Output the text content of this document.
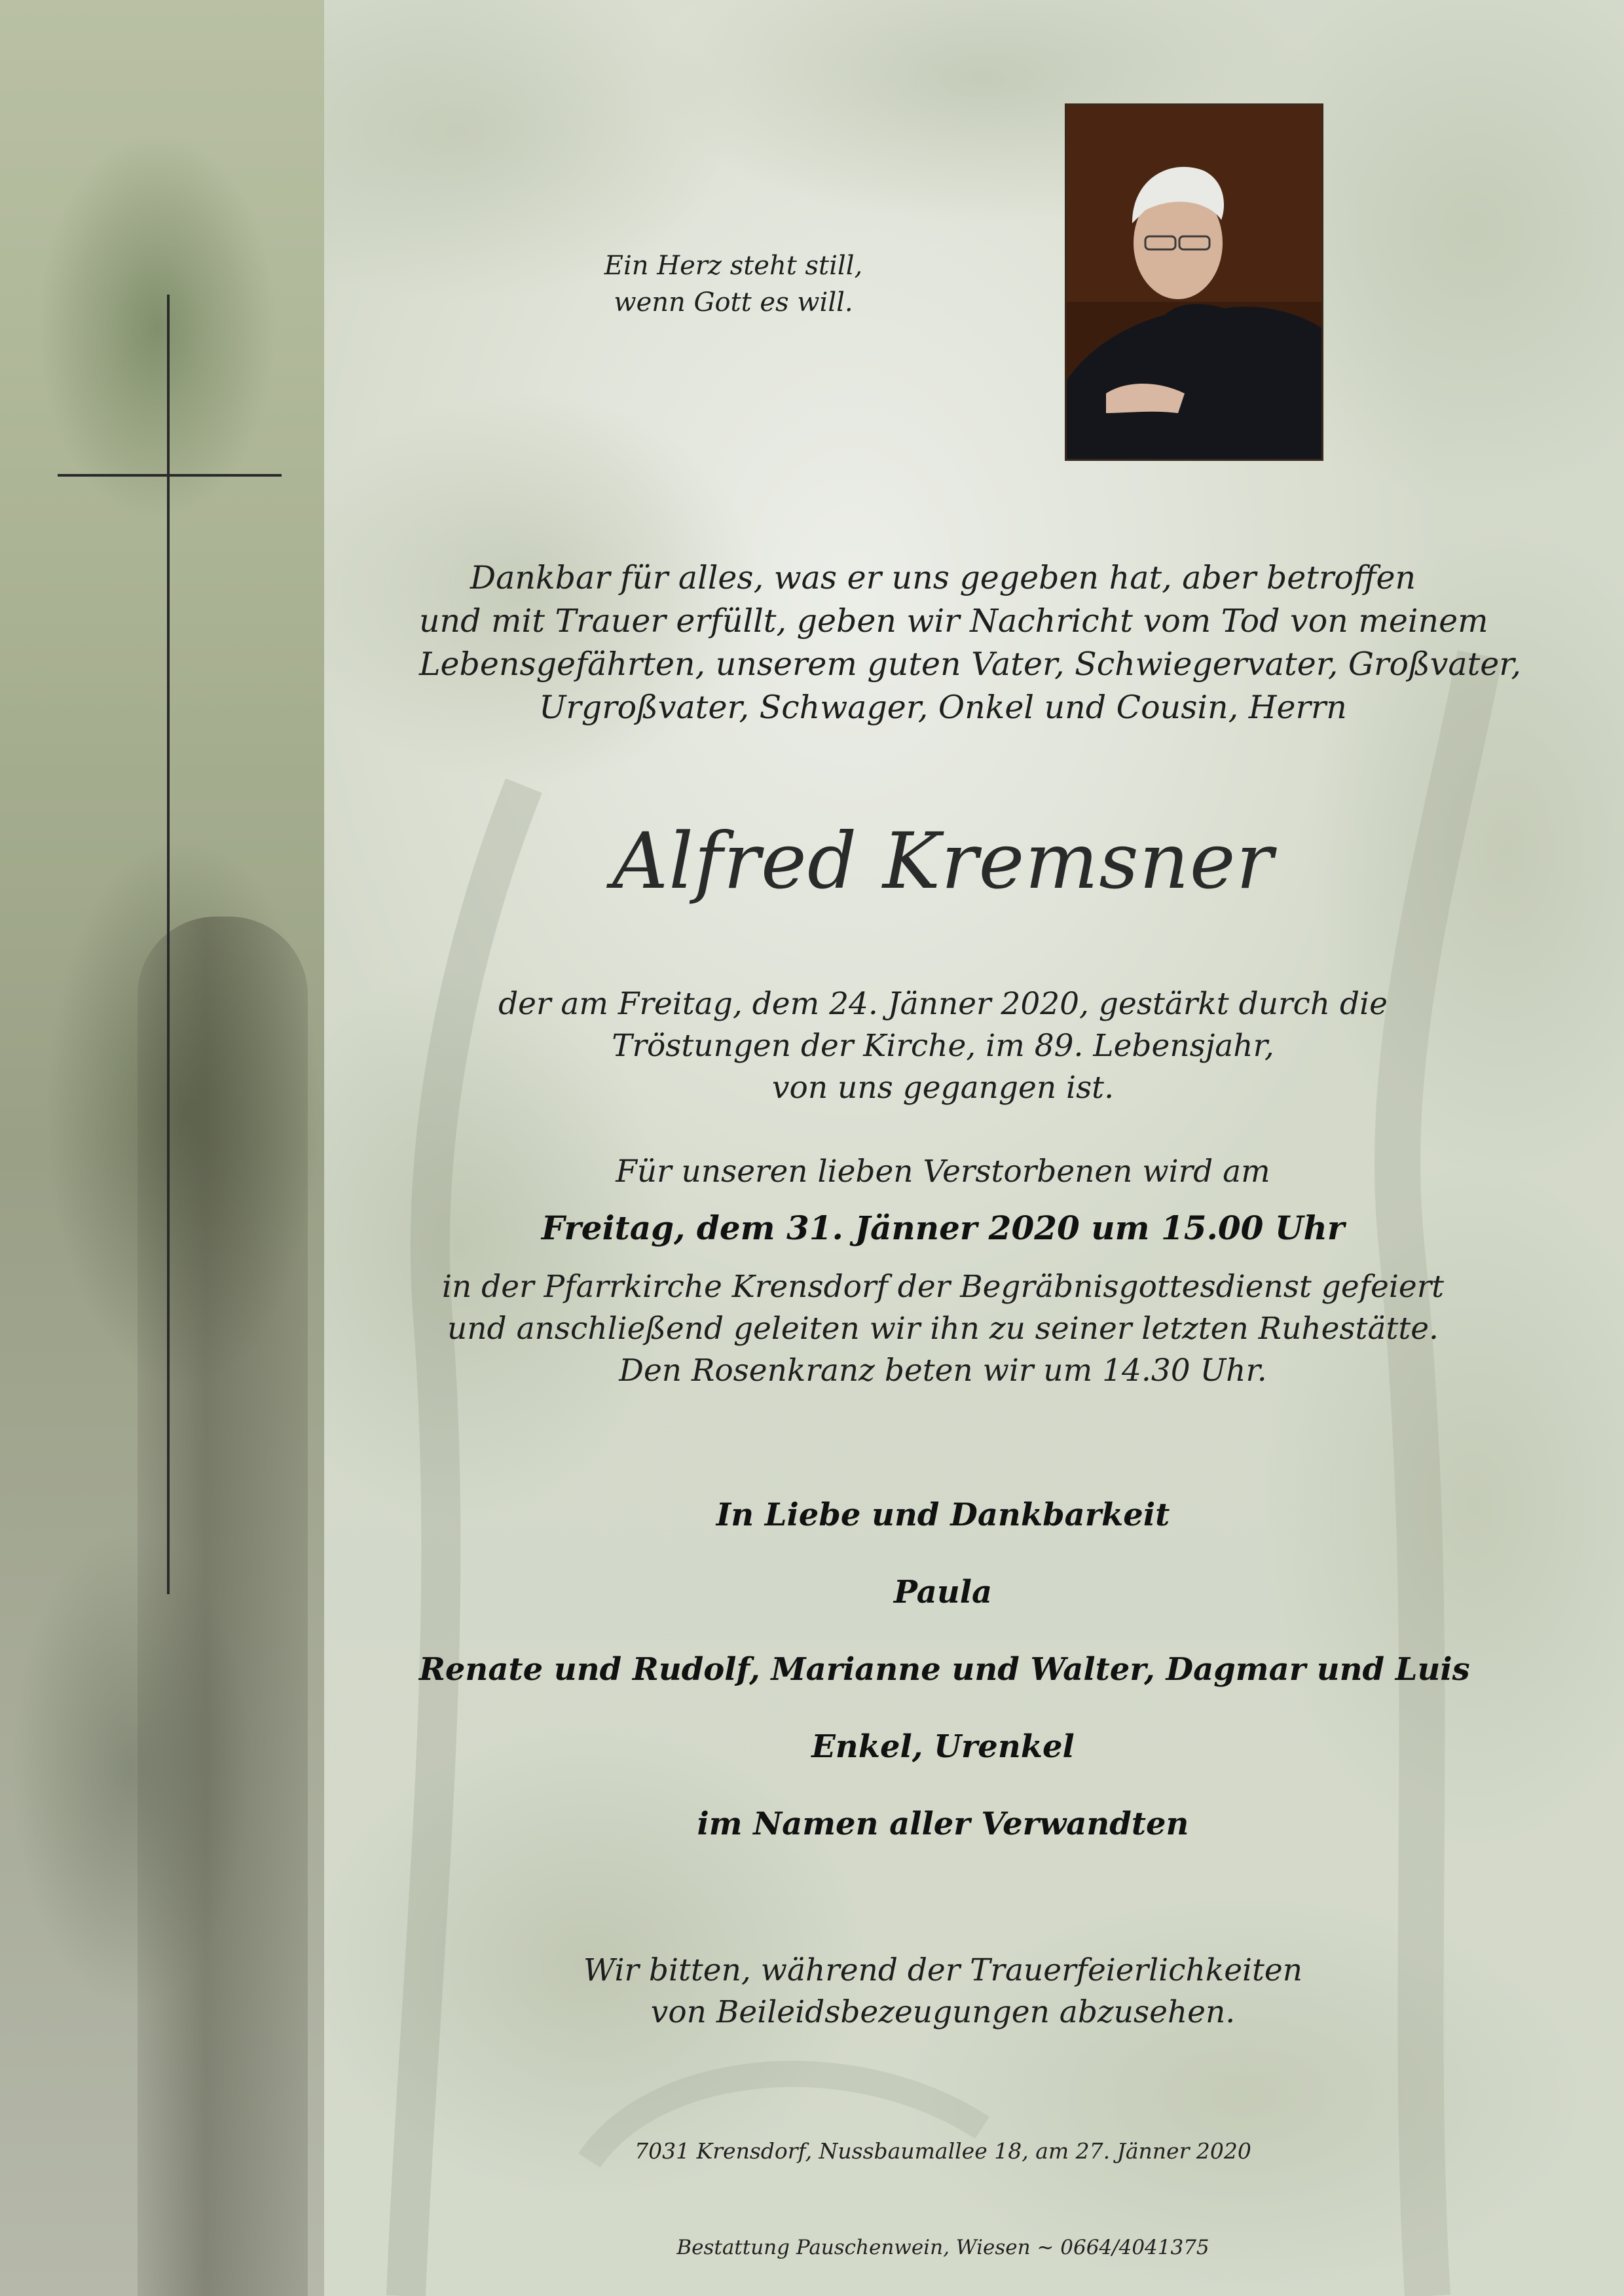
Ein Herz steht still,
wenn Gott es will.
Dankbar für alles, was er uns gegeben hat, aber betroffen
und mit Trauer erfüllt, geben wir Nachricht vom Tod von meinem
Lebensgefährten, unserem guten Vater, Schwiegervater, Großvater,
Urgroßvater, Schwager, Onkel und Cousin, Herrn
Alfred Kremsner
der am Freitag, dem 24. Jänner 2020, gestärkt durch die
Tröstungen der Kirche, im 89. Lebensjahr,
von uns gegangen ist.
Für unseren lieben Verstorbenen wird am
Freitag, dem 31. Jänner 2020 um 15.00 Uhr
in der Pfarrkirche Krensdorf der Begräbnisgottesdienst gefeiert
und anschließend geleiten wir ihn zu seiner letzten Ruhestätte.
Den Rosenkranz beten wir um 14.30 Uhr.
In Liebe und Dankbarkeit
Paula
Renate und Rudolf, Marianne und Walter, Dagmar und Luis
Enkel, Urenkel
im Namen aller Verwandten
Wir bitten, während der Trauerfeierlichkeiten
von Beileidsbezeugungen abzusehen.
7031 Krensdorf, Nussbaumallee 18, am 27. Jänner 2020
Bestattung Pauschenwein, Wiesen ~ 0664/4041375
